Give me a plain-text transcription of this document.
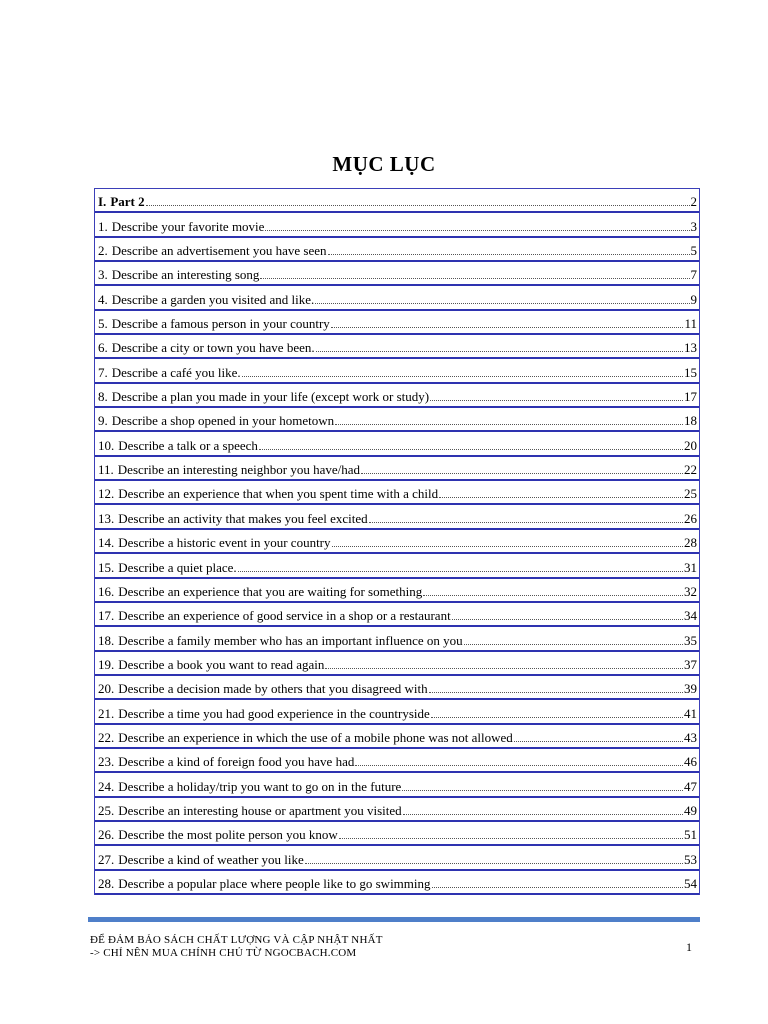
MỤC LỤC
I. Part 2	2
1. Describe your favorite movie	3
2. Describe an advertisement you have seen	5
3. Describe an interesting song	7
4. Describe a garden you visited and like.	9
5. Describe a famous person in your country	11
6. Describe a city or town you have been.	13
7. Describe a café you like.	15
8. Describe a plan you made in your life (except work or study)	17
9. Describe a shop opened in your hometown	18
10. Describe a talk or a speech	20
11. Describe an interesting neighbor you have/had	22
12. Describe an experience that when you spent time with a child	25
13. Describe an activity that makes you feel excited	26
14. Describe a historic event in your country	28
15. Describe a quiet place.	31
16. Describe an experience that you are waiting for something	32
17. Describe an experience of good service in a shop or a restaurant	34
18. Describe a family member who has an important influence on you	35
19. Describe a book you want to read again	37
20. Describe a decision made by others that you disagreed with	39
21. Describe a time you had good experience in the countryside	41
22. Describe an experience in which the use of a mobile phone was not allowed	43
23. Describe a kind of foreign food you have had	46
24. Describe a holiday/trip you want to go on in the future	47
25. Describe an interesting house or apartment you visited	49
26. Describe the most polite person you know	51
27. Describe a kind of weather you like	53
28. Describe a popular place where people like to go swimming	54
ĐỂ ĐẢM BẢO SÁCH CHẤT LƯỢNG VÀ CẬP NHẬT NHẤT
-> CHỈ NÊN MUA CHÍNH CHỦ TỪ NGOCBACH.COM	1
